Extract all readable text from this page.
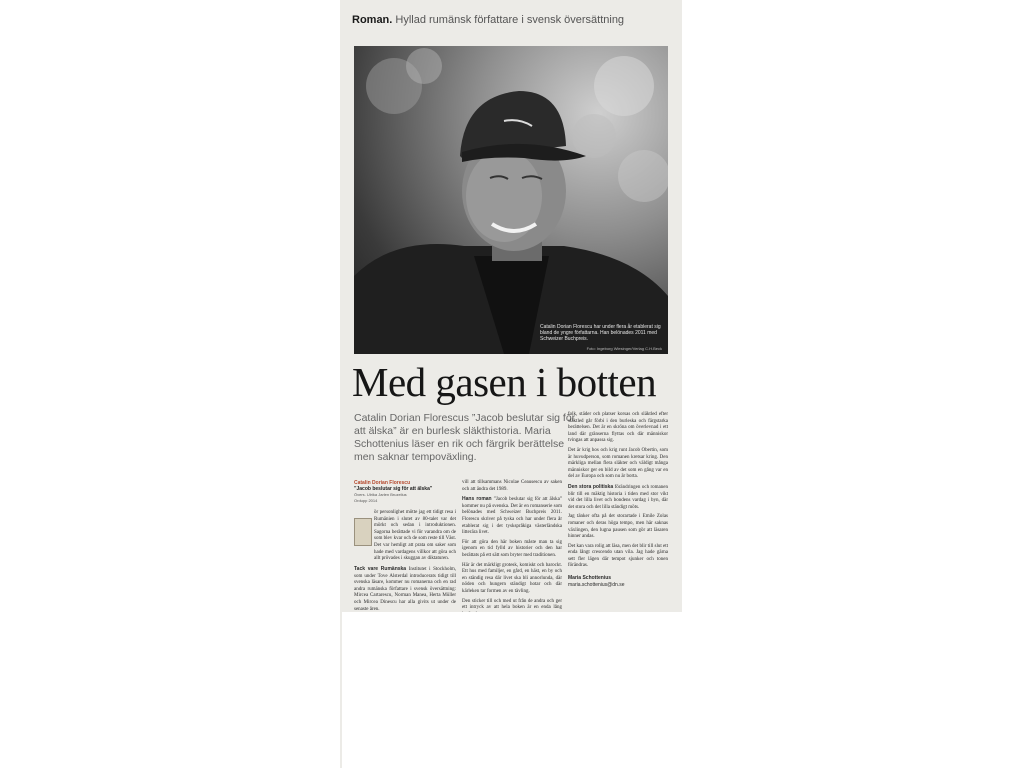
Roman. Hyllad rumänsk författare i svensk översättning
Catalin Dorian Florescu har under flera år etablerat sig bland de yngre författarna. Han belönades 2011 med Schweizer Buchpreis.
Foto: Ingeborg Wiesinger/Verlag C.H.Beck
Med gasen i botten
Catalin Dorian Florescus ”Jacob beslutar sig för att älska” är en burlesk släkthistoria. Maria Schottenius läser en rik och färgrik berättelse men saknar tempoväxling.
Catalin Dorian Florescu
”Jacob beslutar sig för att älska”
Övers. Ulrika Jarlen Bruzelius
Ordupp 2014

ör personlighet mötte jag ett tidigt resa i Rumänien i slutet av 80-talet var det mörkt och sedan i introduktionen. Sagorna berättade vi för varandra om de som blev kvar och de som reste till Väst. Det var hemligt att prata om saker som hade med vardagens villkor att göra och allt prövades i skuggan av diktaturen.

Tack vare Rumänska Institutet i Stockholm, som under Tove Alsterdal introducerats tidigt till svenska läsare, kommer nu romanerna och en rad andra rumänska författare i svensk översättning: Mircea Cartarescu, Norman Manea, Herta Müller och Mircea Dinescu har alla givits ut under de senaste åren.

vill att tillsammans Nicolae Ceausescu av saken och att ändra det 1989.

Hans roman ”Jacob beslutar sig för att älska” kommer nu på svenska. Det är en romanserie som belönades med Schweizer Buchpreis 2011. Florescu skriver på tyska och har under flera år etablerat sig i det tyskspråkiga västerländska litterära livet.

För att göra den här boken måste man ta sig igenom en tid fylld av historier och den har berättats på ett sätt som bryter med traditionen.

Här är det märkligt grotesk, komiskt och barockt. Ett hus med familjer, en gård, en häst, en by och en ständig resa där livet ska bli annorlunda, där nöden och hungern ständigt hotar och där kärleken tar formen av en tävling.

Den sticker till och med ut från de andra och ger ett intryck av att hela boken är en enda lång

folk, städer och platser korsas och släktled efter släktled går förbi i den burleska och färgstarka berättelsen. Det är en skröna om överlevnad i ett land där gränserna flyttas och där människor tvingas att anpassa sig.

Det är krig hos och krig runt Jacob Obertin, som är huvudperson, som romanen kretsar kring. Den märkliga mellan flera släkter och väldigt många människor ger en bild av det som en gång var en del av Europa och som nu är borta.

Den stora politiska förändringen och romanen blir till en mäktig historia i tiden med stor vikt vid det lilla livet och bondens vardag i byn, där det stora och det lilla ständigt möts.

Jag tänker ofta på det storartade i Emile Zolas romaner och deras höga tempo, men här saknas växlingen, den lugna pausen som gör att läsaren hinner andas.

Det kan vara rolig att läsa, men det blir till slut ett enda långt crescendo utan vila. Jag hade gärna sett fler lägen där tempot sjunker och tonen förändras.

Maria Schottenius
maria.schottenius@dn.se
